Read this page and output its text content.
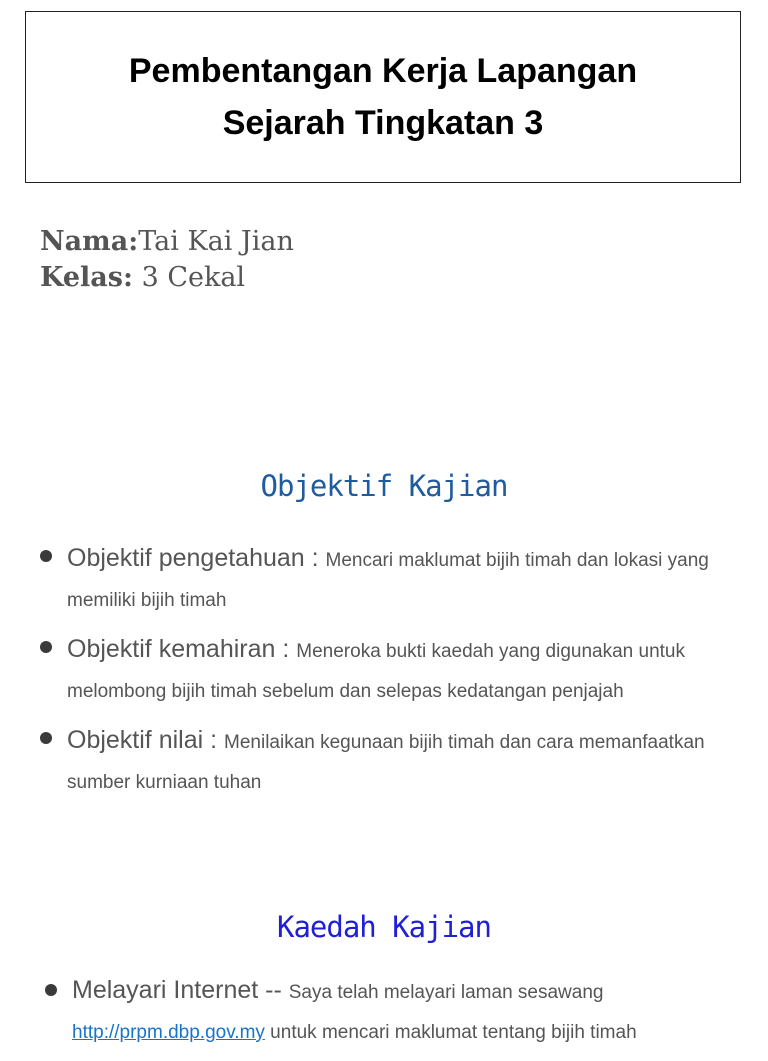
Pembentangan Kerja Lapangan
Sejarah Tingkatan 3
Nama:Tai Kai Jian
Kelas: 3 Cekal
Objektif Kajian
Objektif pengetahuan : Mencari maklumat bijih timah dan lokasi yang memiliki bijih timah
Objektif kemahiran : Meneroka bukti kaedah yang digunakan untuk melombong bijih timah sebelum dan selepas kedatangan penjajah
Objektif nilai : Menilaikan kegunaan bijih timah dan cara memanfaatkan sumber kurniaan tuhan
Kaedah Kajian
Melayari Internet -- Saya telah melayari laman sesawang http://prpm.dbp.gov.my untuk mencari maklumat tentang bijih timah
